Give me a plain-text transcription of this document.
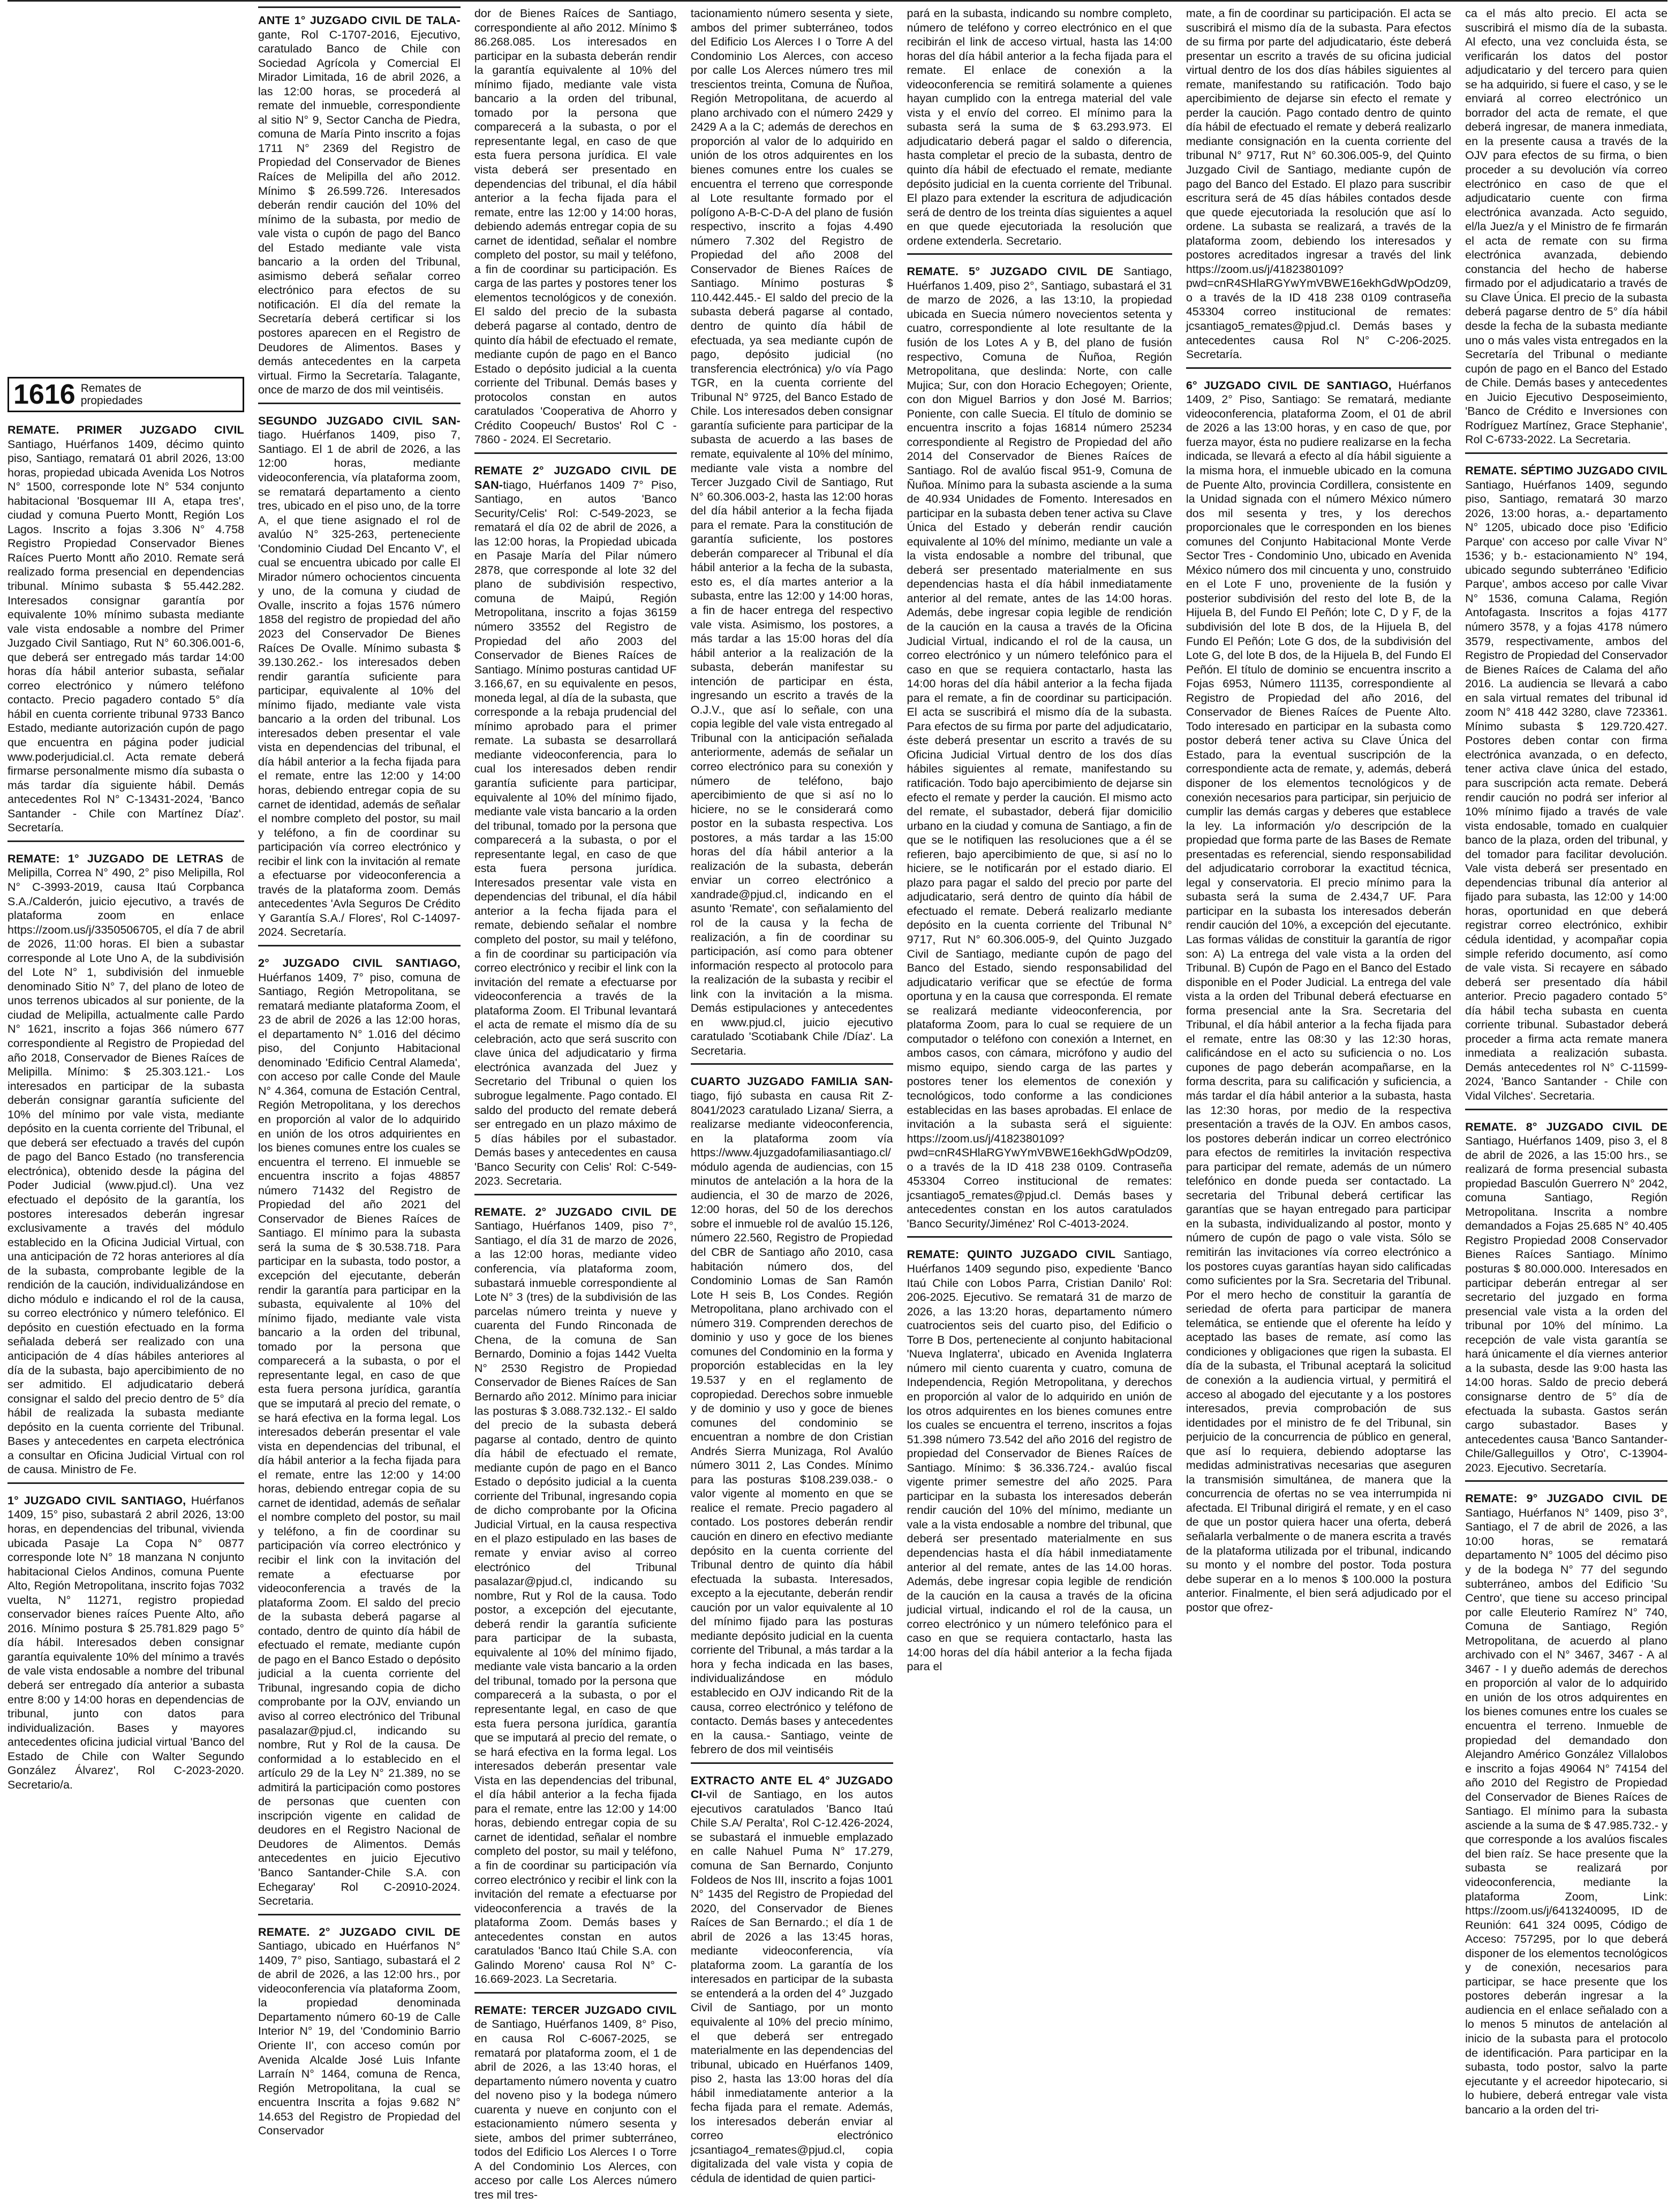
1616 Remates de propiedades

REMATE. PRIMER JUZGADO CIVIL Santiago, Huérfanos 1409, décimo quinto piso, Santiago, rematará 01 abril 2026, 13:00 horas, propiedad ubicada Avenida Los Notros N° 1500, corresponde lote N° 534 conjunto habitacional 'Bosquemar III A, etapa tres', ciudad y comuna Puerto Montt, Región Los Lagos. Inscrito a fojas 3.306 N° 4.758 Registro Propiedad Conservador Bienes Raíces Puerto Montt año 2010. Remate será realizado forma presencial en dependencias tribunal. Mínimo subasta $ 55.442.282. Interesados consignar garantía por equivalente 10% mínimo subasta mediante vale vista endosable a nombre del Primer Juzgado Civil Santiago, Rut N° 60.306.001-6, que deberá ser entregado más tardar 14:00 horas día hábil anterior subasta, señalar correo electrónico y número teléfono contacto. Precio pagadero contado 5° día hábil en cuenta corriente tribunal 9733 Banco Estado, mediante autorización cupón de pago que encuentra en página poder judicial www.poderjudicial.cl. Acta remate deberá firmarse personalmente mismo día subasta o más tardar día siguiente hábil. Demás antecedentes Rol N° C-13431-2024, 'Banco Santander - Chile con Martínez Díaz'. Secretaría.

REMATE: 1° JUZGADO DE LETRAS de Melipilla, Correa N° 490, 2° piso Melipilla, Rol N° C-3993-2019, causa Itaú Corpbanca S.A./Calderón, juicio ejecutivo, a través de plataforma zoom en enlace https://zoom.us/j/3350506705, el día 7 de abril de 2026, 11:00 horas. El bien a subastar corresponde al Lote Uno A, de la subdivisión del Lote N° 1, subdivisión del inmueble denominado Sitio N° 7, del plano de loteo de unos terrenos ubicados al sur poniente, de la ciudad de Melipilla, actualmente calle Pardo N° 1621, inscrito a fojas 366 número 677 correspondiente al Registro de Propiedad del año 2018, Conservador de Bienes Raíces de Melipilla. Mínimo: $ 25.303.121.- Los interesados en participar de la subasta deberán consignar garantía suficiente del 10% del mínimo por vale vista, mediante depósito en la cuenta corriente del Tribunal, el que deberá ser efectuado a través del cupón de pago del Banco Estado (no transferencia electrónica), obtenido desde la página del Poder Judicial (www.pjud.cl). Una vez efectuado el depósito de la garantía, los postores interesados deberán ingresar exclusivamente a través del módulo establecido en la Oficina Judicial Virtual, con una anticipación de 72 horas anteriores al día de la subasta, comprobante legible de la rendición de la caución, individualizándose en dicho módulo e indicando el rol de la causa, su correo electrónico y número telefónico. El depósito en cuestión efectuado en la forma señalada deberá ser realizado con una anticipación de 4 días hábiles anteriores al día de la subasta, bajo apercibimiento de no ser admitido. El adjudicatario deberá consignar el saldo del precio dentro de 5° día hábil de realizada la subasta mediante depósito en la cuenta corriente del Tribunal. Bases y antecedentes en carpeta electrónica a consultar en Oficina Judicial Virtual con rol de causa. Ministro de Fe.

1° JUZGADO CIVIL SANTIAGO, Huérfanos 1409, 15° piso, subastará 2 abril 2026, 13:00 horas, en dependencias del tribunal, vivienda ubicada Pasaje La Copa N° 0877 corresponde lote N° 18 manzana N conjunto habitacional Cielos Andinos, comuna Puente Alto, Región Metropolitana, inscrito fojas 7032 vuelta, N° 11271, registro propiedad conservador bienes raíces Puente Alto, año 2016. Mínimo postura $ 25.781.829 pago 5° día hábil. Interesados deben consignar garantía equivalente 10% del mínimo a través de vale vista endosable a nombre del tribunal deberá ser entregado día anterior a subasta entre 8:00 y 14:00 horas en dependencias de tribunal, junto con datos para individualización. Bases y mayores antecedentes oficina judicial virtual 'Banco del Estado de Chile con Walter Segundo González Álvarez', Rol C-2023-2020. Secretario/a.

ANTE 1° JUZGADO CIVIL DE TALA-gante, Rol C-1707-2016, Ejecutivo, caratulado Banco de Chile con Sociedad Agrícola y Comercial El Mirador Limitada, 16 de abril 2026, a las 12:00 horas, se procederá al remate del inmueble, correspondiente al sitio N° 9, Sector Cancha de Piedra, comuna de María Pinto inscrito a fojas 1711 N° 2369 del Registro de Propiedad del Conservador de Bienes Raíces de Melipilla del año 2012. Mínimo $ 26.599.726. Interesados deberán rendir caución del 10% del mínimo de la subasta, por medio de vale vista o cupón de pago del Banco del Estado mediante vale vista bancario a la orden del Tribunal, asimismo deberá señalar correo electrónico para efectos de su notificación. El día del remate la Secretaría deberá certificar si los postores aparecen en el Registro de Deudores de Alimentos. Bases y demás antecedentes en la carpeta virtual. Firmo la Secretaría. Talagante, once de marzo de dos mil veintiséis.

SEGUNDO JUZGADO CIVIL SAN-tiago. Huérfanos 1409, piso 7, Santiago. El 1 de abril de 2026, a las 12:00 horas, mediante videoconferencia, vía plataforma zoom, se rematará departamento a ciento tres, ubicado en el piso uno, de la torre A, el que tiene asignado el rol de avalúo N° 325-263, perteneciente 'Condominio Ciudad Del Encanto V', el cual se encuentra ubicado por calle El Mirador número ochocientos cincuenta y uno, de la comuna y ciudad de Ovalle, inscrito a fojas 1576 número 1858 del registro de propiedad del año 2023 del Conservador De Bienes Raíces De Ovalle. Mínimo subasta $ 39.130.262.- los interesados deben rendir garantía suficiente para participar, equivalente al 10% del mínimo fijado, mediante vale vista bancario a la orden del tribunal. Los interesados deben presentar el vale vista en dependencias del tribunal, el día hábil anterior a la fecha fijada para el remate, entre las 12:00 y 14:00 horas, debiendo entregar copia de su carnet de identidad, además de señalar el nombre completo del postor, su mail y teléfono, a fin de coordinar su participación vía correo electrónico y recibir el link con la invitación al remate a efectuarse por videoconferencia a través de la plataforma zoom. Demás antecedentes 'Avla Seguros De Crédito Y Garantía S.A./ Flores', Rol C-14097-2024. Secretaría.

2° JUZGADO CIVIL SANTIAGO, Huérfanos 1409, 7° piso, comuna de Santiago, Región Metropolitana, se rematará mediante plataforma Zoom, el 23 de abril de 2026 a las 12:00 horas, el departamento N° 1.016 del décimo piso, del Conjunto Habitacional denominado 'Edificio Central Alameda', con acceso por calle Conde del Maule N° 4.364, comuna de Estación Central, Región Metropolitana, y los derechos en proporción al valor de lo adquirido en unión de los otros adquirientes en los bienes comunes entre los cuales se encuentra el terreno. El inmueble se encuentra inscrito a fojas 48857 número 71432 del Registro de Propiedad del año 2021 del Conservador de Bienes Raíces de Santiago. El mínimo para la subasta será la suma de $ 30.538.718. Para participar en la subasta, todo postor, a excepción del ejecutante, deberán rendir la garantía para participar en la subasta, equivalente al 10% del mínimo fijado, mediante vale vista bancario a la orden del tribunal, tomado por la persona que comparecerá a la subasta, o por el representante legal, en caso de que esta fuera persona jurídica, garantía que se imputará al precio del remate, o se hará efectiva en la forma legal. Los interesados deberán presentar el vale vista en dependencias del tribunal, el día hábil anterior a la fecha fijada para el remate, entre las 12:00 y 14:00 horas, debiendo entregar copia de su carnet de identidad, además de señalar el nombre completo del postor, su mail y teléfono, a fin de coordinar su participación vía correo electrónico y recibir el link con la invitación del remate a efectuarse por videoconferencia a través de la plataforma Zoom. El saldo del precio de la subasta deberá pagarse al contado, dentro de quinto día hábil de efectuado el remate, mediante cupón de pago en el Banco Estado o depósito judicial a la cuenta corriente del Tribunal, ingresando copia de dicho comprobante por la OJV, enviando un aviso al correo electrónico del Tribunal pasalazar@pjud.cl, indicando su nombre, Rut y Rol de la causa. De conformidad a lo establecido en el artículo 29 de la Ley N° 21.389, no se admitirá la participación como postores de personas que cuenten con inscripción vigente en calidad de deudores en el Registro Nacional de Deudores de Alimentos. Demás antecedentes en juicio Ejecutivo 'Banco Santander-Chile S.A. con Echegaray' Rol C-20910-2024. Secretaria.

REMATE. 2° JUZGADO CIVIL DE Santiago, ubicado en Huérfanos N° 1409, 7° piso, Santiago, subastará el 2 de abril de 2026, a las 12:00 hrs., por videoconferencia vía plataforma Zoom, la propiedad denominada Departamento número 60-19 de Calle Interior N° 19, del 'Condominio Barrio Oriente II', con acceso común por Avenida Alcalde José Luis Infante Larraín N° 1464, comuna de Renca, Región Metropolitana, la cual se encuentra Inscrita a fojas 9.682 N° 14.653 del Registro de Propiedad del Conservador

dor de Bienes Raíces de Santiago, correspondiente al año 2012. Mínimo $ 86.268.085. Los interesados en participar en la subasta deberán rendir la garantía equivalente al 10% del mínimo fijado, mediante vale vista bancario a la orden del tribunal, tomado por la persona que comparecerá a la subasta, o por el representante legal, en caso de que esta fuera persona jurídica. El vale vista deberá ser presentado en dependencias del tribunal, el día hábil anterior a la fecha fijada para el remate, entre las 12:00 y 14:00 horas, debiendo además entregar copia de su carnet de identidad, señalar el nombre completo del postor, su mail y teléfono, a fin de coordinar su participación. Es carga de las partes y postores tener los elementos tecnológicos y de conexión. El saldo del precio de la subasta deberá pagarse al contado, dentro de quinto día hábil de efectuado el remate, mediante cupón de pago en el Banco Estado o depósito judicial a la cuenta corriente del Tribunal. Demás bases y protocolos constan en autos caratulados 'Cooperativa de Ahorro y Crédito Coopeuch/ Bustos' Rol C - 7860 - 2024. El Secretario.

REMATE 2° JUZGADO CIVIL DE SAN-tiago, Huérfanos 1409 7° Piso, Santiago, en autos 'Banco Security/Celis' Rol: C-549-2023, se rematará el día 02 de abril de 2026, a las 12:00 horas, la Propiedad ubicada en Pasaje María del Pilar número 2878, que corresponde al lote 32 del plano de subdivisión respectivo, comuna de Maipú, Región Metropolitana, inscrito a fojas 36159 número 33552 del Registro de Propiedad del año 2003 del Conservador de Bienes Raíces de Santiago. Mínimo posturas cantidad UF 3.166,67, en su equivalente en pesos, moneda legal, al día de la subasta, que corresponde a la rebaja prudencial del mínimo aprobado para el primer remate. La subasta se desarrollará mediante videoconferencia, para lo cual los interesados deben rendir garantía suficiente para participar, equivalente al 10% del mínimo fijado, mediante vale vista bancario a la orden del tribunal, tomado por la persona que comparecerá a la subasta, o por el representante legal, en caso de que esta fuera persona jurídica. Interesados presentar vale vista en dependencias del tribunal, el día hábil anterior a la fecha fijada para el remate, debiendo señalar el nombre completo del postor, su mail y teléfono, a fin de coordinar su participación vía correo electrónico y recibir el link con la invitación del remate a efectuarse por videoconferencia a través de la plataforma Zoom. El Tribunal levantará el acta de remate el mismo día de su celebración, acto que será suscrito con clave única del adjudicatario y firma electrónica avanzada del Juez y Secretario del Tribunal o quien los subrogue legalmente. Pago contado. El saldo del producto del remate deberá ser entregado en un plazo máximo de 5 días hábiles por el subastador. Demás bases y antecedentes en causa 'Banco Security con Celis' Rol: C-549-2023. Secretaria.

REMATE. 2° JUZGADO CIVIL DE Santiago, Huérfanos 1409, piso 7°, Santiago, el día 31 de marzo de 2026, a las 12:00 horas, mediante video conferencia, vía plataforma zoom, subastará inmueble correspondiente al Lote N° 3 (tres) de la subdivisión de las parcelas número treinta y nueve y cuarenta del Fundo Rinconada de Chena, de la comuna de San Bernardo, Dominio a fojas 1442 Vuelta N° 2530 Registro de Propiedad Conservador de Bienes Raíces de San Bernardo año 2012. Mínimo para iniciar las posturas $ 3.088.732.132.- El saldo del precio de la subasta deberá pagarse al contado, dentro de quinto día hábil de efectuado el remate, mediante cupón de pago en el Banco Estado o depósito judicial a la cuenta corriente del Tribunal, ingresando copia de dicho comprobante por la Oficina Judicial Virtual, en la causa respectiva en el plazo estipulado en las bases de remate y enviar aviso al correo electrónico del Tribunal pasalazar@pjud.cl, indicando su nombre, Rut y Rol de la causa. Todo postor, a excepción del ejecutante, deberá rendir la garantía suficiente para participar de la subasta, equivalente al 10% del mínimo fijado, mediante vale vista bancario a la orden del tribunal, tomado por la persona que comparecerá a la subasta, o por el representante legal, en caso de que esta fuera persona jurídica, garantía que se imputará al precio del remate, o se hará efectiva en la forma legal. Los interesados deberán presentar vale Vista en las dependencias del tribunal, el día hábil anterior a la fecha fijada para el remate, entre las 12:00 y 14:00 horas, debiendo entregar copia de su carnet de identidad, señalar el nombre completo del postor, su mail y teléfono, a fin de coordinar su participación vía correo electrónico y recibir el link con la invitación del remate a efectuarse por videoconferencia a través de la plataforma Zoom. Demás bases y antecedentes constan en autos caratulados 'Banco Itaú Chile S.A. con Galindo Moreno' causa Rol N° C-16.669-2023. La Secretaria.

REMATE: TERCER JUZGADO CIVIL de Santiago, Huérfanos 1409, 8° Piso, en causa Rol C-6067-2025, se rematará por plataforma zoom, el 1 de abril de 2026, a las 13:40 horas, el departamento número noventa y cuatro del noveno piso y la bodega número cuarenta y nueve en conjunto con el estacionamiento número sesenta y siete, ambos del primer subterráneo, todos del Edificio Los Alerces I o Torre A del Condominio Los Alerces, con acceso por calle Los Alerces número tres mil tres-

tacionamiento número sesenta y siete, ambos del primer subterráneo, todos del Edificio Los Alerces I o Torre A del Condominio Los Alerces, con acceso por calle Los Alerces número tres mil trescientos treinta, Comuna de Ñuñoa, Región Metropolitana, de acuerdo al plano archivado con el número 2429 y 2429 A a la C; además de derechos en proporción al valor de lo adquirido en unión de los otros adquirentes en los bienes comunes entre los cuales se encuentra el terreno que corresponde al Lote resultante formado por el polígono A-B-C-D-A del plano de fusión respectivo, inscrito a fojas 4.490 número 7.302 del Registro de Propiedad del año 2008 del Conservador de Bienes Raíces de Santiago. Mínimo posturas $ 110.442.445.- El saldo del precio de la subasta deberá pagarse al contado, dentro de quinto día hábil de efectuada, ya sea mediante cupón de pago, depósito judicial (no transferencia electrónica) y/o vía Pago TGR, en la cuenta corriente del Tribunal N° 9725, del Banco Estado de Chile. Los interesados deben consignar garantía suficiente para participar de la subasta de acuerdo a las bases de remate, equivalente al 10% del mínimo, mediante vale vista a nombre del Tercer Juzgado Civil de Santiago, Rut N° 60.306.003-2, hasta las 12:00 horas del día hábil anterior a la fecha fijada para el remate. Para la constitución de garantía suficiente, los postores deberán comparecer al Tribunal el día hábil anterior a la fecha de la subasta, esto es, el día martes anterior a la subasta, entre las 12:00 y 14:00 horas, a fin de hacer entrega del respectivo vale vista. Asimismo, los postores, a más tardar a las 15:00 horas del día hábil anterior a la realización de la subasta, deberán manifestar su intención de participar en ésta, ingresando un escrito a través de la O.J.V., que así lo señale, con una copia legible del vale vista entregado al Tribunal con la anticipación señalada anteriormente, además de señalar un correo electrónico para su conexión y número de teléfono, bajo apercibimiento de que si así no lo hiciere, no se le considerará como postor en la subasta respectiva. Los postores, a más tardar a las 15:00 horas del día hábil anterior a la realización de la subasta, deberán enviar un correo electrónico a xandrade@pjud.cl, indicando en el asunto 'Remate', con señalamiento del rol de la causa y la fecha de realización, a fin de coordinar su participación, así como para obtener información respecto al protocolo para la realización de la subasta y recibir el link con la invitación a la misma. Demás estipulaciones y antecedentes en www.pjud.cl, juicio ejecutivo caratulado 'Scotiabank Chile /Díaz'. La Secretaria.

CUARTO JUZGADO FAMILIA SAN-tiago, fijó subasta en causa Rit Z-8041/2023 caratulado Lizana/ Sierra, a realizarse mediante videoconferencia, en la plataforma zoom vía https://www.4juzgadofamiliasantiago.cl/ módulo agenda de audiencias, con 15 minutos de antelación a la hora de la audiencia, el 30 de marzo de 2026, 12:00 horas, del 50 de los derechos sobre el inmueble rol de avalúo 15.126, número 22.560, Registro de Propiedad del CBR de Santiago año 2010, casa habitación número dos, del Condominio Lomas de San Ramón Lote H seis B, Los Condes. Región Metropolitana, plano archivado con el número 319. Comprenden derechos de dominio y uso y goce de los bienes comunes del Condominio en la forma y proporción establecidas en la ley 19.537 y en el reglamento de copropiedad. Derechos sobre inmueble y de dominio y uso y goce de bienes comunes del condominio se encuentran a nombre de don Cristian Andrés Sierra Munizaga, Rol Avalúo número 3011 2, Las Condes. Mínimo para las posturas $108.239.038.- o valor vigente al momento en que se realice el remate. Precio pagadero al contado. Los postores deberán rendir caución en dinero en efectivo mediante depósito en la cuenta corriente del Tribunal dentro de quinto día hábil efectuada la subasta. Interesados, excepto a la ejecutante, deberán rendir caución por un valor equivalente al 10 del mínimo fijado para las posturas mediante depósito judicial en la cuenta corriente del Tribunal, a más tardar a la hora y fecha indicada en las bases, individualizándose en módulo establecido en OJV indicando Rit de la causa, correo electrónico y teléfono de contacto. Demás bases y antecedentes en la causa.- Santiago, veinte de febrero de dos mil veintiséis

EXTRACTO ANTE EL 4° JUZGADO CI-vil de Santiago, en los autos ejecutivos caratulados 'Banco Itaú Chile S.A/ Peralta', Rol C-12.426-2024, se subastará el inmueble emplazado en calle Nahuel Puma N° 17.279, comuna de San Bernardo, Conjunto Foldeos de Nos III, inscrito a fojas 1001 N° 1435 del Registro de Propiedad del 2020, del Conservador de Bienes Raíces de San Bernardo.; el día 1 de abril de 2026 a las 13:45 horas, mediante videoconferencia, vía plataforma zoom. La garantía de los interesados en participar de la subasta se entenderá a la orden del 4° Juzgado Civil de Santiago, por un monto equivalente al 10% del precio mínimo, el que deberá ser entregado materialmente en las dependencias del tribunal, ubicado en Huérfanos 1409, piso 2, hasta las 13:00 horas del día hábil inmediatamente anterior a la fecha fijada para el remate. Además, los interesados deberán enviar al correo electrónico jcsantiago4_remates@pjud.cl, copia digitalizada del vale vista y copia de cédula de identidad de quien partici-

pará en la subasta, indicando su nombre completo, número de teléfono y correo electrónico en el que recibirán el link de acceso virtual, hasta las 14:00 horas del día hábil anterior a la fecha fijada para el remate. El enlace de conexión a la videoconferencia se remitirá solamente a quienes hayan cumplido con la entrega material del vale vista y el envío del correo. El mínimo para la subasta será la suma de $ 63.293.973. El adjudicatario deberá pagar el saldo o diferencia, hasta completar el precio de la subasta, dentro de quinto día hábil de efectuado el remate, mediante depósito judicial en la cuenta corriente del Tribunal. El plazo para extender la escritura de adjudicación será de dentro de los treinta días siguientes a aquel en que quede ejecutoriada la resolución que ordene extenderla. Secretario.

REMATE. 5° JUZGADO CIVIL DE Santiago, Huérfanos 1.409, piso 2°, Santiago, subastará el 31 de marzo de 2026, a las 13:10, la propiedad ubicada en Suecia número novecientos setenta y cuatro, correspondiente al lote resultante de la fusión de los Lotes A y B, del plano de fusión respectivo, Comuna de Ñuñoa, Región Metropolitana, que deslinda: Norte, con calle Mujica; Sur, con don Horacio Echegoyen; Oriente, con don Miguel Barrios y don José M. Barrios; Poniente, con calle Suecia. El título de dominio se encuentra inscrito a fojas 16814 número 25234 correspondiente al Registro de Propiedad del año 2014 del Conservador de Bienes Raíces de Santiago. Rol de avalúo fiscal 951-9, Comuna de Ñuñoa. Mínimo para la subasta asciende a la suma de 40.934 Unidades de Fomento. Interesados en participar en la subasta deben tener activa su Clave Única del Estado y deberán rendir caución equivalente al 10% del mínimo, mediante un vale a la vista endosable a nombre del tribunal, que deberá ser presentado materialmente en sus dependencias hasta el día hábil inmediatamente anterior al del remate, antes de las 14:00 horas. Además, debe ingresar copia legible de rendición de la caución en la causa a través de la Oficina Judicial Virtual, indicando el rol de la causa, un correo electrónico y un número telefónico para el caso en que se requiera contactarlo, hasta las 14:00 horas del día hábil anterior a la fecha fijada para el remate, a fin de coordinar su participación. El acta se suscribirá el mismo día de la subasta. Para efectos de su firma por parte del adjudicatario, éste deberá presentar un escrito a través de su Oficina Judicial Virtual dentro de los dos días hábiles siguientes al remate, manifestando su ratificación. Todo bajo apercibimiento de dejarse sin efecto el remate y perder la caución. El mismo acto del remate, el subastador, deberá fijar domicilio urbano en la ciudad y comuna de Santiago, a fin de que se le notifiquen las resoluciones que a él se refieren, bajo apercibimiento de que, si así no lo hiciere, se le notificarán por el estado diario. El plazo para pagar el saldo del precio por parte del adjudicatario, será dentro de quinto día hábil de efectuado el remate. Deberá realizarlo mediante depósito en la cuenta corriente del Tribunal N° 9717, Rut N° 60.306.005-9, del Quinto Juzgado Civil de Santiago, mediante cupón de pago del Banco del Estado, siendo responsabilidad del adjudicatario verificar que se efectúe de forma oportuna y en la causa que corresponda. El remate se realizará mediante videoconferencia, por plataforma Zoom, para lo cual se requiere de un computador o teléfono con conexión a Internet, en ambos casos, con cámara, micrófono y audio del mismo equipo, siendo carga de las partes y postores tener los elementos de conexión y tecnológicos, todo conforme a las condiciones establecidas en las bases aprobadas. El enlace de invitación a la subasta será el siguiente: https://zoom.us/j/4182380109?pwd=cnR4SHlaRGYwYmVBWE16ekhGdWpOdz09, o a través de la ID 418 238 0109. Contraseña 453304 Correo institucional de remates: jcsantiago5_remates@pjud.cl. Demás bases y antecedentes constan en los autos caratulados 'Banco Security/Jiménez' Rol C-4013-2024.

REMATE: QUINTO JUZGADO CIVIL Santiago, Huérfanos 1409 segundo piso, expediente 'Banco Itaú Chile con Lobos Parra, Cristian Danilo' Rol: 206-2025. Ejecutivo. Se rematará 31 de marzo de 2026, a las 13:20 horas, departamento número cuatrocientos seis del cuarto piso, del Edificio o Torre B Dos, perteneciente al conjunto habitacional 'Nueva Inglaterra', ubicado en Avenida Inglaterra número mil ciento cuarenta y cuatro, comuna de Independencia, Región Metropolitana, y derechos en proporción al valor de lo adquirido en unión de los otros adquirentes en los bienes comunes entre los cuales se encuentra el terreno, inscritos a fojas 51.398 número 73.542 del año 2016 del registro de propiedad del Conservador de Bienes Raíces de Santiago. Mínimo: $ 36.336.724.- avalúo fiscal vigente primer semestre del año 2025. Para participar en la subasta los interesados deberán rendir caución del 10% del mínimo, mediante un vale a la vista endosable a nombre del tribunal, que deberá ser presentado materialmente en sus dependencias hasta el día hábil inmediatamente anterior al del remate, antes de las 14.00 horas. Además, debe ingresar copia legible de rendición de la caución en la causa a través de la oficina judicial virtual, indicando el rol de la causa, un correo electrónico y un número telefónico para el caso en que se requiera contactarlo, hasta las 14:00 horas del día hábil anterior a la fecha fijada para el

mate, a fin de coordinar su participación. El acta se suscribirá el mismo día de la subasta. Para efectos de su firma por parte del adjudicatario, éste deberá presentar un escrito a través de su oficina judicial virtual dentro de los dos días hábiles siguientes al remate, manifestando su ratificación. Todo bajo apercibimiento de dejarse sin efecto el remate y perder la caución. Pago contado dentro de quinto día hábil de efectuado el remate y deberá realizarlo mediante consignación en la cuenta corriente del tribunal N° 9717, Rut N° 60.306.005-9, del Quinto Juzgado Civil de Santiago, mediante cupón de pago del Banco del Estado. El plazo para suscribir escritura será de 45 días hábiles contados desde que quede ejecutoriada la resolución que así lo ordene. La subasta se realizará, a través de la plataforma zoom, debiendo los interesados y postores acreditados ingresar a través del link https://zoom.us/j/4182380109?pwd=cnR4SHlaRGYwYmVBWE16ekhGdWpOdz09, o a través de la ID 418 238 0109 contraseña 453304 correo institucional de remates: jcsantiago5_remates@pjud.cl. Demás bases y antecedentes causa Rol N° C-206-2025. Secretaría.

6° JUZGADO CIVIL DE SANTIAGO, Huérfanos 1409, 2° Piso, Santiago: Se rematará, mediante videoconferencia, plataforma Zoom, el 01 de abril de 2026 a las 13:00 horas, y en caso de que, por fuerza mayor, ésta no pudiere realizarse en la fecha indicada, se llevará a efecto al día hábil siguiente a la misma hora, el inmueble ubicado en la comuna de Puente Alto, provincia Cordillera, consistente en la Unidad signada con el número México número dos mil sesenta y tres, y los derechos proporcionales que le corresponden en los bienes comunes del Conjunto Habitacional Monte Verde Sector Tres - Condominio Uno, ubicado en Avenida México número dos mil cincuenta y uno, construido en el Lote F uno, proveniente de la fusión y posterior subdivisión del resto del lote B, de la Hijuela B, del Fundo El Peñón; lote C, D y F, de la subdivisión del lote B dos, de la Hijuela B, del Fundo El Peñón; Lote G dos, de la subdivisión del Lote G, del lote B dos, de la Hijuela B, del Fundo El Peñón. El título de dominio se encuentra inscrito a Fojas 6953, Número 11135, correspondiente al Registro de Propiedad del año 2016, del Conservador de Bienes Raíces de Puente Alto. Todo interesado en participar en la subasta como postor deberá tener activa su Clave Única del Estado, para la eventual suscripción de la correspondiente acta de remate, y, además, deberá disponer de los elementos tecnológicos y de conexión necesarios para participar, sin perjuicio de cumplir las demás cargas y deberes que establece la ley. La información y/o descripción de la propiedad que forma parte de las Bases de Remate presentadas es referencial, siendo responsabilidad del adjudicatario corroborar la exactitud técnica, legal y conservatoria. El precio mínimo para la subasta será la suma de 2.434,7 UF. Para participar en la subasta los interesados deberán rendir caución del 10%, a excepción del ejecutante. Las formas válidas de constituir la garantía de rigor son: A) La entrega del vale vista a la orden del Tribunal. B) Cupón de Pago en el Banco del Estado disponible en el Poder Judicial. La entrega del vale vista a la orden del Tribunal deberá efectuarse en forma presencial ante la Sra. Secretaria del Tribunal, el día hábil anterior a la fecha fijada para el remate, entre las 08:30 y las 12:30 horas, calificándose en el acto su suficiencia o no. Los cupones de pago deberán acompañarse, en la forma descrita, para su calificación y suficiencia, a más tardar el día hábil anterior a la subasta, hasta las 12:30 horas, por medio de la respectiva presentación a través de la OJV. En ambos casos, los postores deberán indicar un correo electrónico para efectos de remitirles la invitación respectiva para participar del remate, además de un número telefónico en donde pueda ser contactado. La secretaria del Tribunal deberá certificar las garantías que se hayan entregado para participar en la subasta, individualizando al postor, monto y número de cupón de pago o vale vista. Sólo se remitirán las invitaciones vía correo electrónico a los postores cuyas garantías hayan sido calificadas como suficientes por la Sra. Secretaria del Tribunal. Por el mero hecho de constituir la garantía de seriedad de oferta para participar de manera telemática, se entiende que el oferente ha leído y aceptado las bases de remate, así como las condiciones y obligaciones que rigen la subasta. El día de la subasta, el Tribunal aceptará la solicitud de conexión a la audiencia virtual, y permitirá el acceso al abogado del ejecutante y a los postores interesados, previa comprobación de sus identidades por el ministro de fe del Tribunal, sin perjuicio de la concurrencia de público en general, que así lo requiera, debiendo adoptarse las medidas administrativas necesarias que aseguren la transmisión simultánea, de manera que la concurrencia de ofertas no se vea interrumpida ni afectada. El Tribunal dirigirá el remate, y en el caso de que un postor quiera hacer una oferta, deberá señalarla verbalmente o de manera escrita a través de la plataforma utilizada por el tribunal, indicando su monto y el nombre del postor. Toda postura debe superar en a lo menos $ 100.000 la postura anterior. Finalmente, el bien será adjudicado por el postor que ofrez-

ca el más alto precio. El acta se suscribirá el mismo día de la subasta. Al efecto, una vez concluida ésta, se verificarán los datos del postor adjudicatario y del tercero para quien se ha adquirido, si fuere el caso, y se le enviará al correo electrónico un borrador del acta de remate, el que deberá ingresar, de manera inmediata, en la presente causa a través de la OJV para efectos de su firma, o bien proceder a su devolución vía correo electrónico en caso de que el adjudicatario cuente con firma electrónica avanzada. Acto seguido, el/la Juez/a y el Ministro de fe firmarán el acta de remate con su firma electrónica avanzada, debiendo constancia del hecho de haberse firmado por el adjudicatario a través de su Clave Única. El precio de la subasta deberá pagarse dentro de 5° día hábil desde la fecha de la subasta mediante uno o más vales vista entregados en la Secretaría del Tribunal o mediante cupón de pago en el Banco del Estado de Chile. Demás bases y antecedentes en Juicio Ejecutivo Desposeimiento, 'Banco de Crédito e Inversiones con Rodríguez Martínez, Grace Stephanie', Rol C-6733-2022. La Secretaria.

REMATE. SÉPTIMO JUZGADO CIVIL Santiago, Huérfanos 1409, segundo piso, Santiago, rematará 30 marzo 2026, 13:00 horas, a.- departamento N° 1205, ubicado doce piso 'Edificio Parque' con acceso por calle Vivar N° 1536; y b.- estacionamiento N° 194, ubicado segundo subterráneo 'Edificio Parque', ambos acceso por calle Vivar N° 1536, comuna Calama, Región Antofagasta. Inscritos a fojas 4177 número 3578, y a fojas 4178 número 3579, respectivamente, ambos del Registro de Propiedad del Conservador de Bienes Raíces de Calama del año 2016. La audiencia se llevará a cabo en sala virtual remates del tribunal id zoom N° 418 442 3280, clave 723361. Mínimo subasta $ 129.720.427. Postores deben contar con firma electrónica avanzada, o en defecto, tener activa clave única del estado, para suscripción acta remate. Deberá rendir caución no podrá ser inferior al 10% mínimo fijado a través de vale vista endosable, tomado en cualquier banco de la plaza, orden del tribunal, y del tomador para facilitar devolución. Vale vista deberá ser presentado en dependencias tribunal día anterior al fijado para subasta, las 12:00 y 14:00 horas, oportunidad en que deberá registrar correo electrónico, exhibir cédula identidad, y acompañar copia simple referido documento, así como de vale vista. Si recayere en sábado deberá ser presentado día hábil anterior. Precio pagadero contado 5° día hábil techa subasta en cuenta corriente tribunal. Subastador deberá proceder a firma acta remate manera inmediata a realización subasta. Demás antecedentes rol N° C-11599-2024, 'Banco Santander - Chile con Vidal Vilches'. Secretaria.

REMATE. 8° JUZGADO CIVIL DE Santiago, Huérfanos 1409, piso 3, el 8 de abril de 2026, a las 15:00 hrs., se realizará de forma presencial subasta propiedad Basculón Guerrero N° 2042, comuna Santiago, Región Metropolitana. Inscrita a nombre demandados a Fojas 25.685 N° 40.405 Registro Propiedad 2008 Conservador Bienes Raíces Santiago. Mínimo posturas $ 80.000.000. Interesados en participar deberán entregar al ser secretario del juzgado en forma presencial vale vista a la orden del tribunal por 10% del mínimo. La recepción de vale vista garantía se hará únicamente el día viernes anterior a la subasta, desde las 9:00 hasta las 14:00 horas. Saldo de precio deberá consignarse dentro de 5° día de efectuada la subasta. Gastos serán cargo subastador. Bases y antecedentes causa 'Banco Santander-Chile/Galleguillos y Otro', C-13904-2023. Ejecutivo. Secretaría.

REMATE: 9° JUZGADO CIVIL DE Santiago, Huérfanos N° 1409, piso 3°, Santiago, el 7 de abril de 2026, a las 10:00 horas, se rematará departamento N° 1005 del décimo piso y de la bodega N° 77 del segundo subterráneo, ambos del Edificio 'Su Centro', que tiene su acceso principal por calle Eleuterio Ramírez N° 740, Comuna de Santiago, Región Metropolitana, de acuerdo al plano archivado con el N° 3467, 3467 - A al 3467 - I y dueño además de derechos en proporción al valor de lo adquirido en unión de los otros adquirentes en los bienes comunes entre los cuales se encuentra el terreno. Inmueble de propiedad del demandado don Alejandro Américo González Villalobos e inscrito a fojas 49064 N° 74154 del año 2010 del Registro de Propiedad del Conservador de Bienes Raíces de Santiago. El mínimo para la subasta asciende a la suma de $ 47.985.732.- y que corresponde a los avalúos fiscales del bien raíz. Se hace presente que la subasta se realizará por videoconferencia, mediante la plataforma Zoom, Link: https://zoom.us/j/6413240095, ID de Reunión: 641 324 0095, Código de Acceso: 757295, por lo que deberá disponer de los elementos tecnológicos y de conexión, necesarios para participar, se hace presente que los postores deberán ingresar a la audiencia en el enlace señalado con a lo menos 5 minutos de antelación al inicio de la subasta para el protocolo de identificación. Para participar en la subasta, todo postor, salvo la parte ejecutante y el acreedor hipotecario, si lo hubiere, deberá entregar vale vista bancario a la orden del tri-
